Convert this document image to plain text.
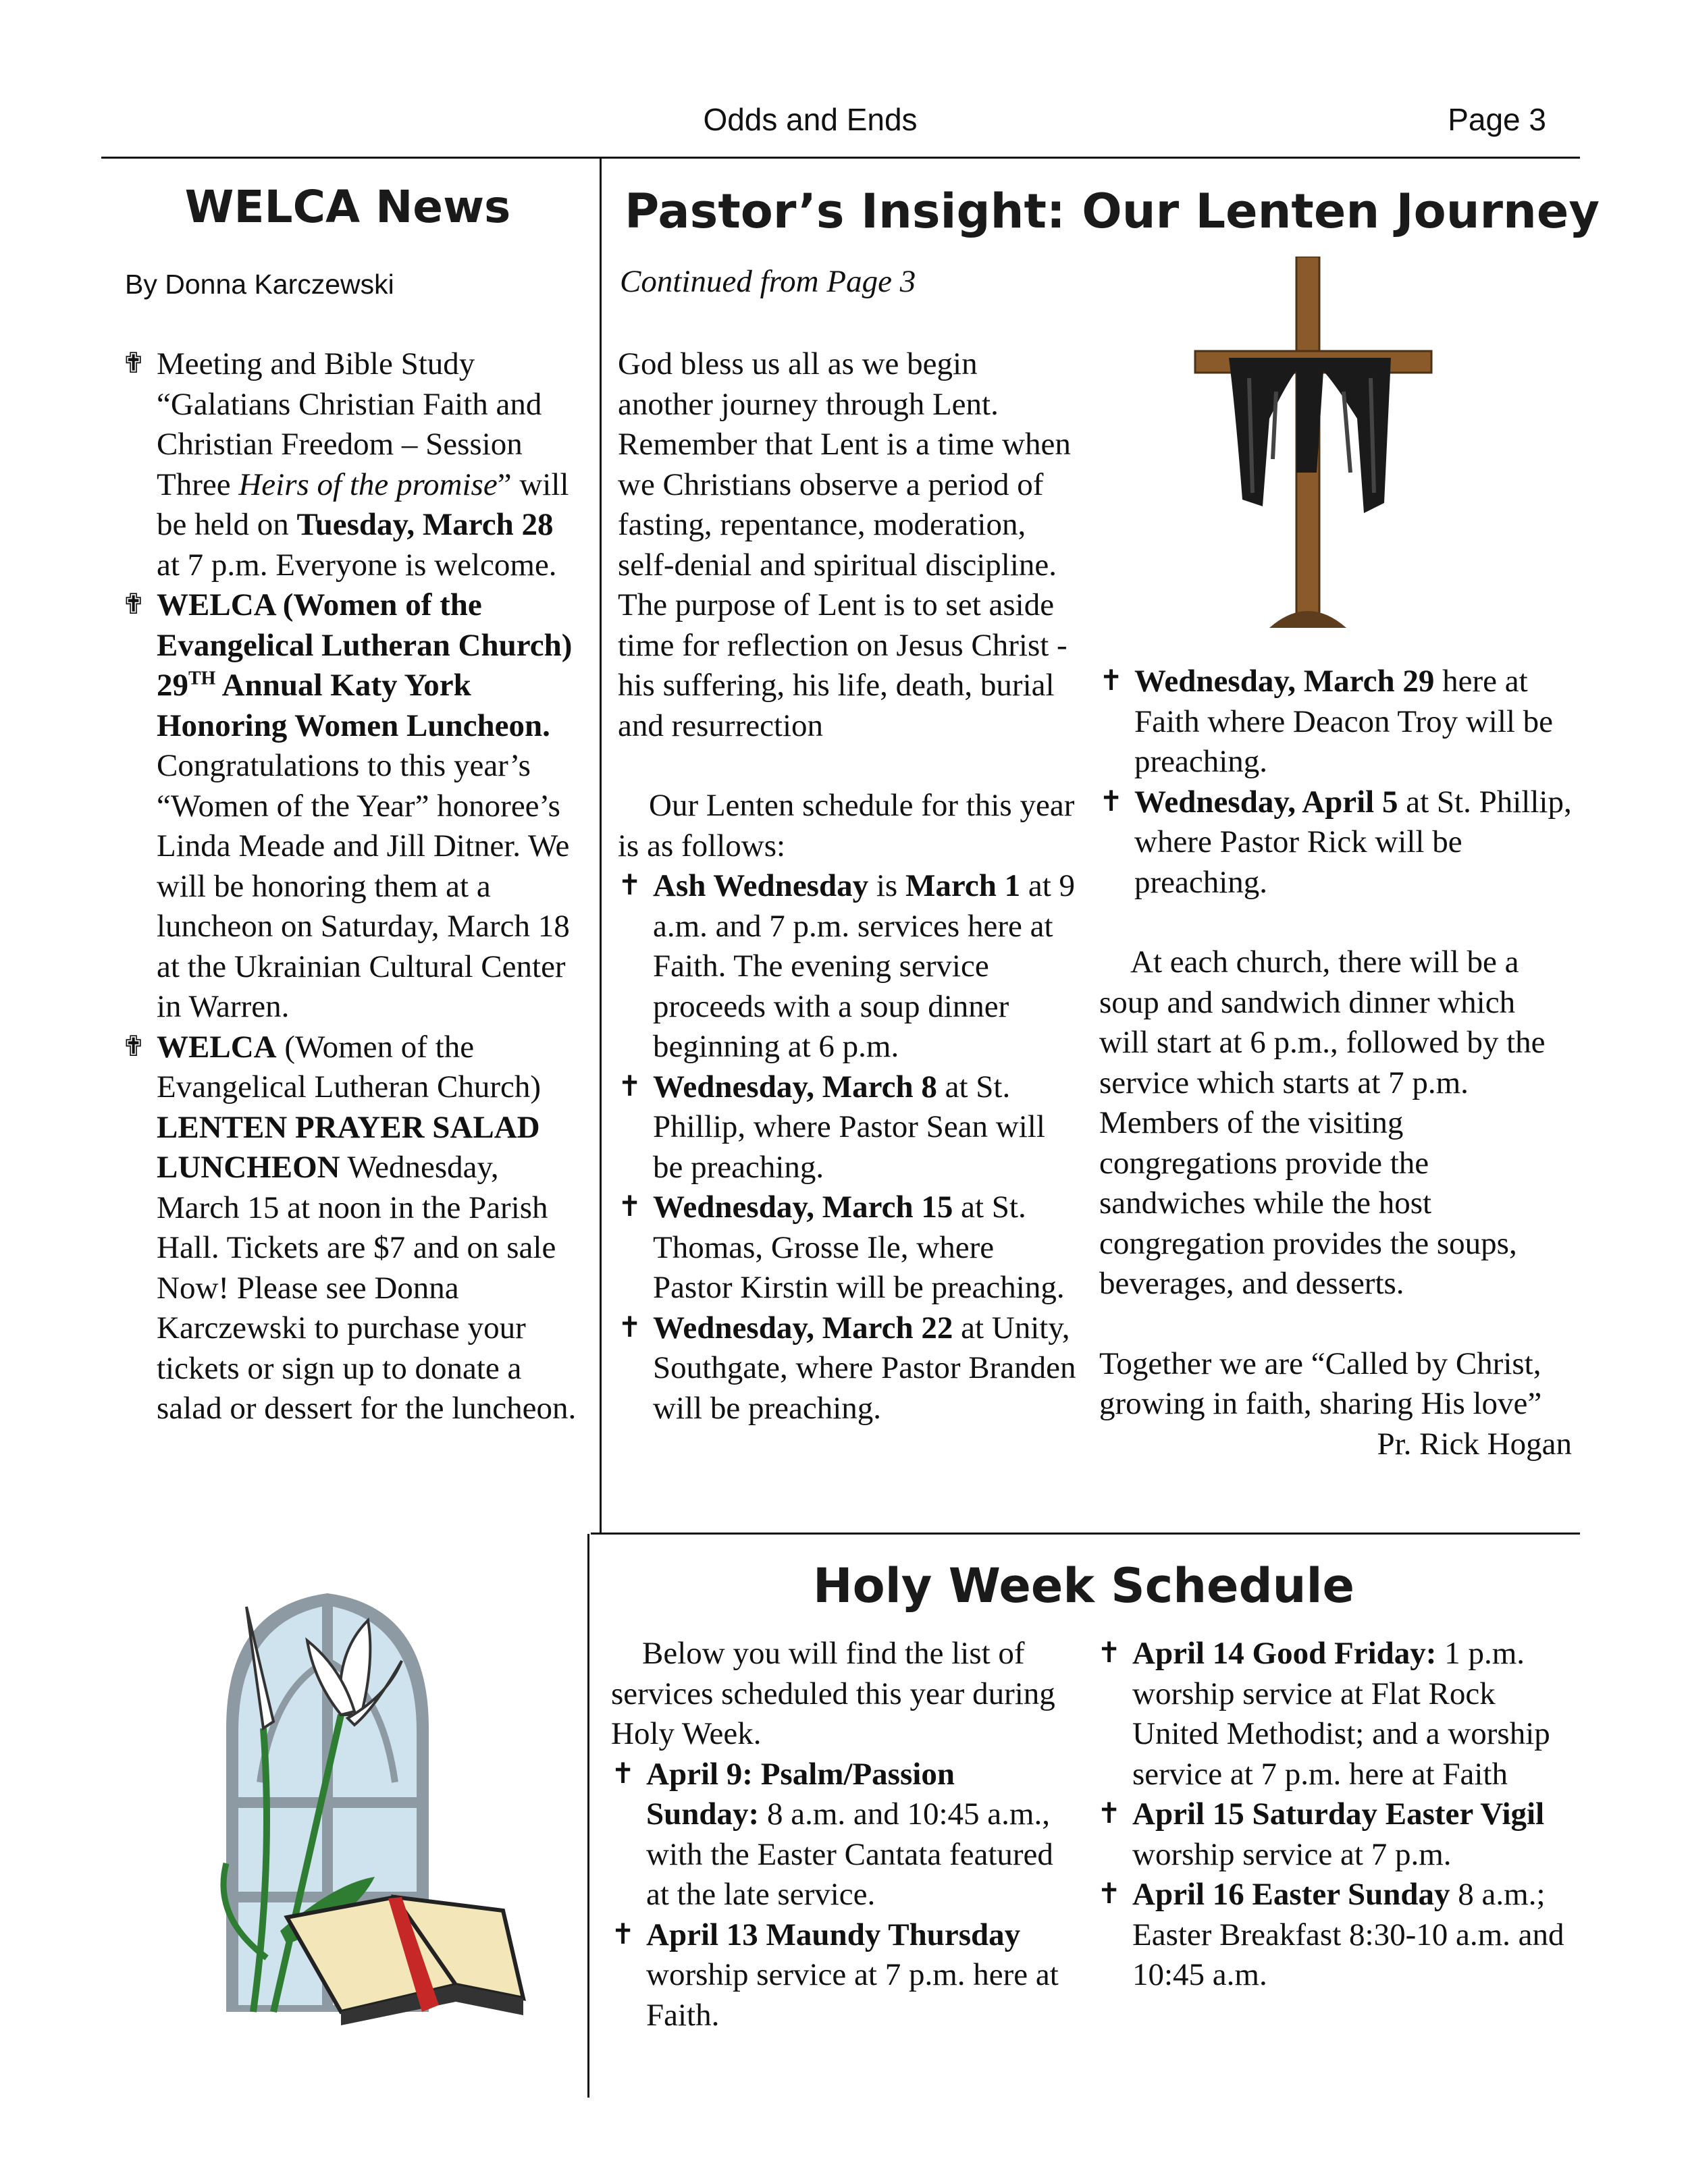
Odds and Ends	Page 3
WELCA News
By Donna Karczewski
✟ Meeting and Bible Study “Galatians Christian Faith and Christian Freedom – Session Three Heirs of the promise” will be held on Tuesday, March 28 at 7 p.m. Everyone is welcome.
✟ WELCA (Women of the Evangelical Lutheran Church) 29TH Annual Katy York Honoring Women Luncheon. Congratulations to this year’s “Women of the Year” honoree’s Linda Meade and Jill Ditner. We will be honoring them at a luncheon on Saturday, March 18 at the Ukrainian Cultural Center in Warren.
✟ WELCA (Women of the Evangelical Lutheran Church) LENTEN PRAYER SALAD LUNCHEON Wednesday, March 15 at noon in the Parish Hall. Tickets are $7 and on sale Now! Please see Donna Karczewski to purchase your tickets or sign up to donate a salad or dessert for the luncheon.
Pastor’s Insight: Our Lenten Journey
Continued from Page 3

God bless us all as we begin another journey through Lent. Remember that Lent is a time when we Christians observe a period of fasting, repentance, moderation, self-denial and spiritual discipline. The purpose of Lent is to set aside time for reflection on Jesus Christ - his suffering, his life, death, burial and resurrection

Our Lenten schedule for this year is as follows:

✝ Ash Wednesday is March 1 at 9 a.m. and 7 p.m. services here at Faith. The evening service proceeds with a soup dinner beginning at 6 p.m.
✝ Wednesday, March 8 at St. Phillip, where Pastor Sean will be preaching.
✝ Wednesday, March 15 at St. Thomas, Grosse Ile, where Pastor Kirstin will be preaching.
✝ Wednesday, March 22 at Unity, Southgate, where Pastor Branden will be preaching.
✝ Wednesday, March 29 here at Faith where Deacon Troy will be preaching.
✝ Wednesday, April 5 at St. Phillip, where Pastor Rick will be preaching.

At each church, there will be a soup and sandwich dinner which will start at 6 p.m., followed by the service which starts at 7 p.m. Members of the visiting congregations provide the sandwiches while the host congregation provides the soups, beverages, and desserts.

Together we are “Called by Christ, growing in faith, sharing His love”

Pr. Rick Hogan

Holy Week Schedule

Below you will find the list of services scheduled this year during Holy Week.

✝ April 9: Psalm/Passion Sunday: 8 a.m. and 10:45 a.m., with the Easter Cantata featured at the late service.
✝ April 13 Maundy Thursday worship service at 7 p.m. here at Faith.
✝ April 14 Good Friday: 1 p.m. worship service at Flat Rock United Methodist; and a worship service at 7 p.m. here at Faith
✝ April 15 Saturday Easter Vigil worship service at 7 p.m.
✝ April 16 Easter Sunday 8 a.m.; Easter Breakfast 8:30-10 a.m. and 10:45 a.m.
